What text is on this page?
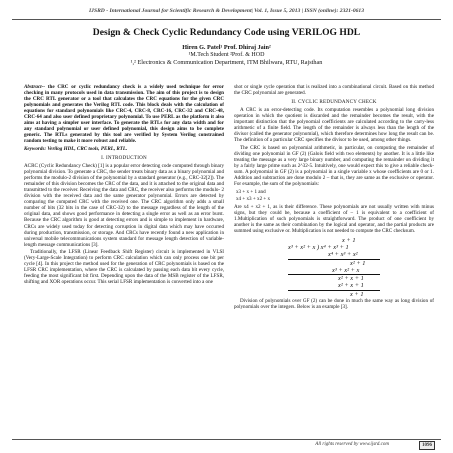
IJSRD - International Journal for Scientific Research & Development| Vol. 1, Issue 5, 2013 | ISSN (online): 2321-0613
Design & Check Cyclic Redundancy Code using VERILOG HDL
Hiren G. Patel¹ Prof. Dhiraj Jain²
¹M.Tech Student ²Prof. & HOD
¹,² Electronics & Communication Department, ITM Bhilwara, RTU, Rajsthan

Abstract-- the CRC or cyclic redundancy check is a widely used technique for error checking in many protocols used in data transmission. The aim of this project is to design the CRC RTL generator or a tool that calculates the CRC equations for the given CRC polynomials and generates the Verilog RTL code. This block deals with the calculation of equations for standard polynomials like CRC-4, CRC-8, CRC-16, CRC-32 and CRC-48, CRC-64 and also user defined proprietary polynomial. To use PERL as the platform it also aims at having a simpler user interface. To generate the RTLs for any data width and for any standard polynomial or user defined polynomial, this design aims to be complete generic. The RTLs generated by this tool are verified by System Verilog constrained random testing to make it more robust and reliable.

Keywords: Verilog HDL, CRC tools, PERL, RTL.

I. INTRODUCTION

ACRC (Cyclic Redundancy Check) [1] is a popular error detecting code computed through binary polynomial division. To generate a CRC, the sender treats binary data as a binary polynomial and performs the modulo-2 division of the polynomial by a standard generator (e.g., CRC-32[2]). The remainder of this division becomes the CRC of the data, and it is attached to the original data and transmitted to the receiver. Receiving the data and CRC, the receiver also performs the modulo- 2 division with the received data and the same generator polynomial. Errors are detected by comparing the computed CRC with the received one. The CRC algorithm only adds a small number of bits (32 bits in the case of CRC-32) to the message regardless of the length of the original data, and shows good performance in detecting a single error as well as an error burst. Because the CRC algorithm is good at detecting errors and is simple to implement in hardware, CRCs are widely used today for detecting corruption in digital data which may have occurred during production, transmission, or storage. And CRCs have recently found a new application in universal mobile telecommunications system standard for message length detection of variable-length message communications [3].

Traditionally, the LFSR (Linear Feedback Shift Register) circuit is implemented in VLSI (Very-Large-Scale Integration) to perform CRC calculation which can only process one bit per cycle [4]. In this project the method used for the generation of CRC polynomials is based on the LFSR CRC implementation, where the CRC is calculated by passing each data bit every cycle, feeding the most significant bit first. Depending upon the data of the MSB register of the LFSR, shifting and XOR operations occur. This serial LFSR implementation is converted into a one

shot or single cycle operation that is realized into a combinational circuit. Based on this method the CRC polynomial are generated.

II. CYCLIC REDUNDANCY CHECK

A CRC is an error-detecting code. Its computation resembles a polynomial long division operation in which the quotient is discarded and the remainder becomes the result, with the important distinction that the polynomial coefficients are calculated according to the carry-less arithmetic of a finite field. The length of the remainder is always less than the length of the divisor (called the generator polynomial), which therefore determines how long the result can be. The definition of a particular CRC specifies the divisor to be used, among other things.

The CRC is based on polynomial arithmetic, in particular, on computing the remainder of dividing one polynomial in GF (2) (Galois field with two elements) by another. It is a little like treating the message as a very large binary number, and computing the remainder on dividing it by a fairly large prime such as 2^32-5. Intuitively, one would expect this to give a reliable check-sum. A polynomial in GF (2) is a polynomial in a single variable x whose coefficients are 0 or 1. Addition and subtraction are done modulo 2 – that is, they are same as the exclusive or operator. For example, the sum of the polynomials:

x3 + x + 1 and

x4 + x3 + x2 + x

Are x4 + x2 + 1, as is their difference. These polynomials are not usually written with minus signs, but they could be, because a coefficient of – 1 is equivalent to a coefficient of 1.Multiplication of such polynomials is straightforward. The product of one coefficient by another is the same as their combination by the logical and operator, and the partial products are summed using exclusive or. Multiplication is not needed to compute the CRC checksum.

x + 1
x³ + x² + x ) x⁴ + x³ + 1
x⁴ + x³ + x²
x² + 1
x³ + x² + x
x² + x + 1
x² + x + 1
x + 1

Division of polynomials over GF (2) can be done in much the same way as long division of polynomials over the integers. Below is an example [3].

All rights reserved by www.ijsrd.com	1096
